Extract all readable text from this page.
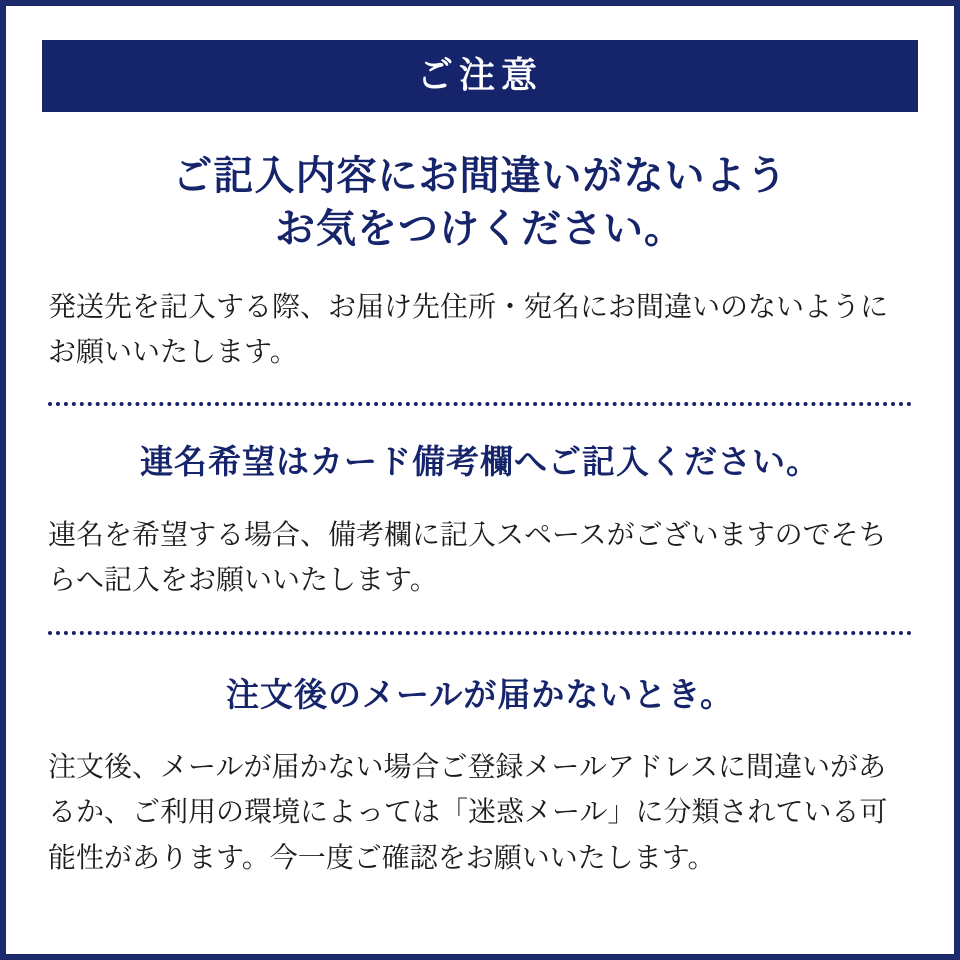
ご注意
ご記入内容にお間違いがないよう
お気をつけください。

発送先を記入する際、お届け先住所・宛名にお間違いのないようにお願いいたします。

連名希望はカード備考欄へご記入ください。

連名を希望する場合、備考欄に記入スペースがございますのでそちらへ記入をお願いいたします。

注文後のメールが届かないとき。

注文後、メールが届かない場合ご登録メールアドレスに間違いがあるか、ご利用の環境によっては「迷惑メール」に分類されている可能性があります。今一度ご確認をお願いいたします。
